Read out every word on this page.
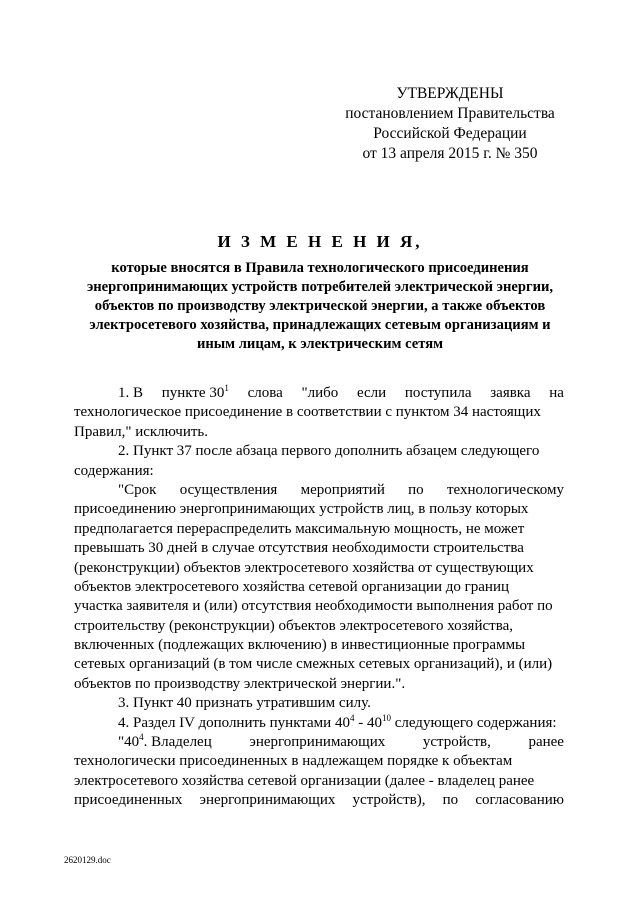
УТВЕРЖДЕНЫ
постановлением Правительства
Российской Федерации
от 13 апреля 2015 г. № 350
И З М Е Н Е Н И Я,
которые вносятся в Правила технологического присоединения
энергопринимающих устройств потребителей электрической энергии,
объектов по производству электрической энергии, а также объектов
электросетевого хозяйства, принадлежащих сетевым организациям и
иным лицам, к электрическим сетям
1. В пункте $30^1$ слова "либо если поступила заявка на
технологическое присоединение в соответствии с пунктом 34 настоящих
Правил," исключить.
2. Пункт 37 после абзаца первого дополнить абзацем следующего
содержания:
"Срок осуществления мероприятий по технологическому
присоединению энергопринимающих устройств лиц, в пользу которых
предполагается перераспределить максимальную мощность, не может
превышать 30 дней в случае отсутствия необходимости строительства
(реконструкции) объектов электросетевого хозяйства от существующих
объектов электросетевого хозяйства сетевой организации до границ
участка заявителя и (или) отсутствия необходимости выполнения работ по
строительству (реконструкции) объектов электросетевого хозяйства,
включенных (подлежащих включению) в инвестиционные программы
сетевых организаций (в том числе смежных сетевых организаций), и (или)
объектов по производству электрической энергии.".
3. Пункт 40 признать утратившим силу.
4. Раздел IV дополнить пунктами $40^4 - 40^{10}$ следующего содержания:
"$40^4$. Владелец	энергопринимающих	устройств,	ранее
технологически присоединенных в надлежащем порядке к объектам
электросетевого хозяйства сетевой организации (далее - владелец ранее
присоединенных энергопринимающих устройств), по согласованию
2620129.doc
